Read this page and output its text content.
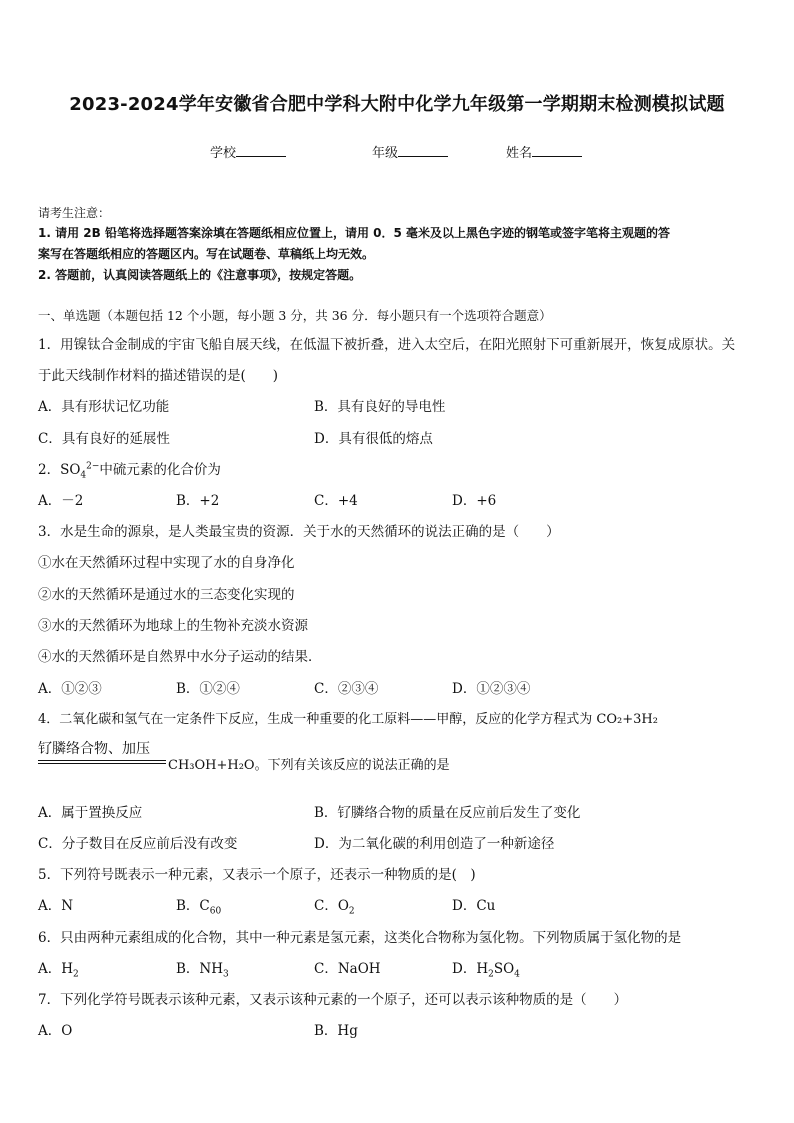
2023-2024学年安徽省合肥中学科大附中化学九年级第一学期期末检测模拟试题
学校	年级	姓名
请考生注意：
1. 请用 2B 铅笔将选择题答案涂填在答题纸相应位置上，请用 0．5 毫米及以上黑色字迹的钢笔或签字笔将主观题的答
案写在答题纸相应的答题区内。写在试题卷、草稿纸上均无效。
2. 答题前，认真阅读答题纸上的《注意事项》，按规定答题。
一、单选题（本题包括 12 个小题，每小题 3 分，共 36 分．每小题只有一个选项符合题意）
1．用镍钛合金制成的宇宙飞船自展天线，在低温下被折叠，进入太空后，在阳光照射下可重新展开，恢复成原状。关
于此天线制作材料的描述错误的是(　　)
A．具有形状记忆功能	B．具有良好的导电性
C．具有良好的延展性	D．具有很低的熔点
2．$SO_4^{2-}$中硫元素的化合价为
A．－2	B．+2	C．+4	D．+6
3．水是生命的源泉，是人类最宝贵的资源．关于水的天然循环的说法正确的是（　　）
①水在天然循环过程中实现了水的自身净化
②水的天然循环是通过水的三态变化实现的
③水的天然循环为地球上的生物补充淡水资源
④水的天然循环是自然界中水分子运动的结果．
A．①②③	B．①②④	C．②③④	D．①②③④
4．二氧化碳和氢气在一定条件下反应，生成一种重要的化工原料——甲醇，反应的化学方程式为 CO₂+3H₂
钌膦络合物、加压
CH₃OH+H₂O。下列有关该反应的说法正确的是
A．属于置换反应	B．钌膦络合物的质量在反应前后发生了变化
C．分子数目在反应前后没有改变	D．为二氧化碳的利用创造了一种新途径
5．下列符号既表示一种元素，又表示一个原子，还表示一种物质的是(　)
A．N	B．$C_{60}$	C．$O_2$	D．Cu
6．只由两种元素组成的化合物，其中一种元素是氢元素，这类化合物称为氢化物。下列物质属于氢化物的是
A．$H_2$	B．$NH_3$	C．NaOH	D．$H_2SO_4$
7．下列化学符号既表示该种元素，又表示该种元素的一个原子，还可以表示该种物质的是（　　）
A．O	B．Hg
